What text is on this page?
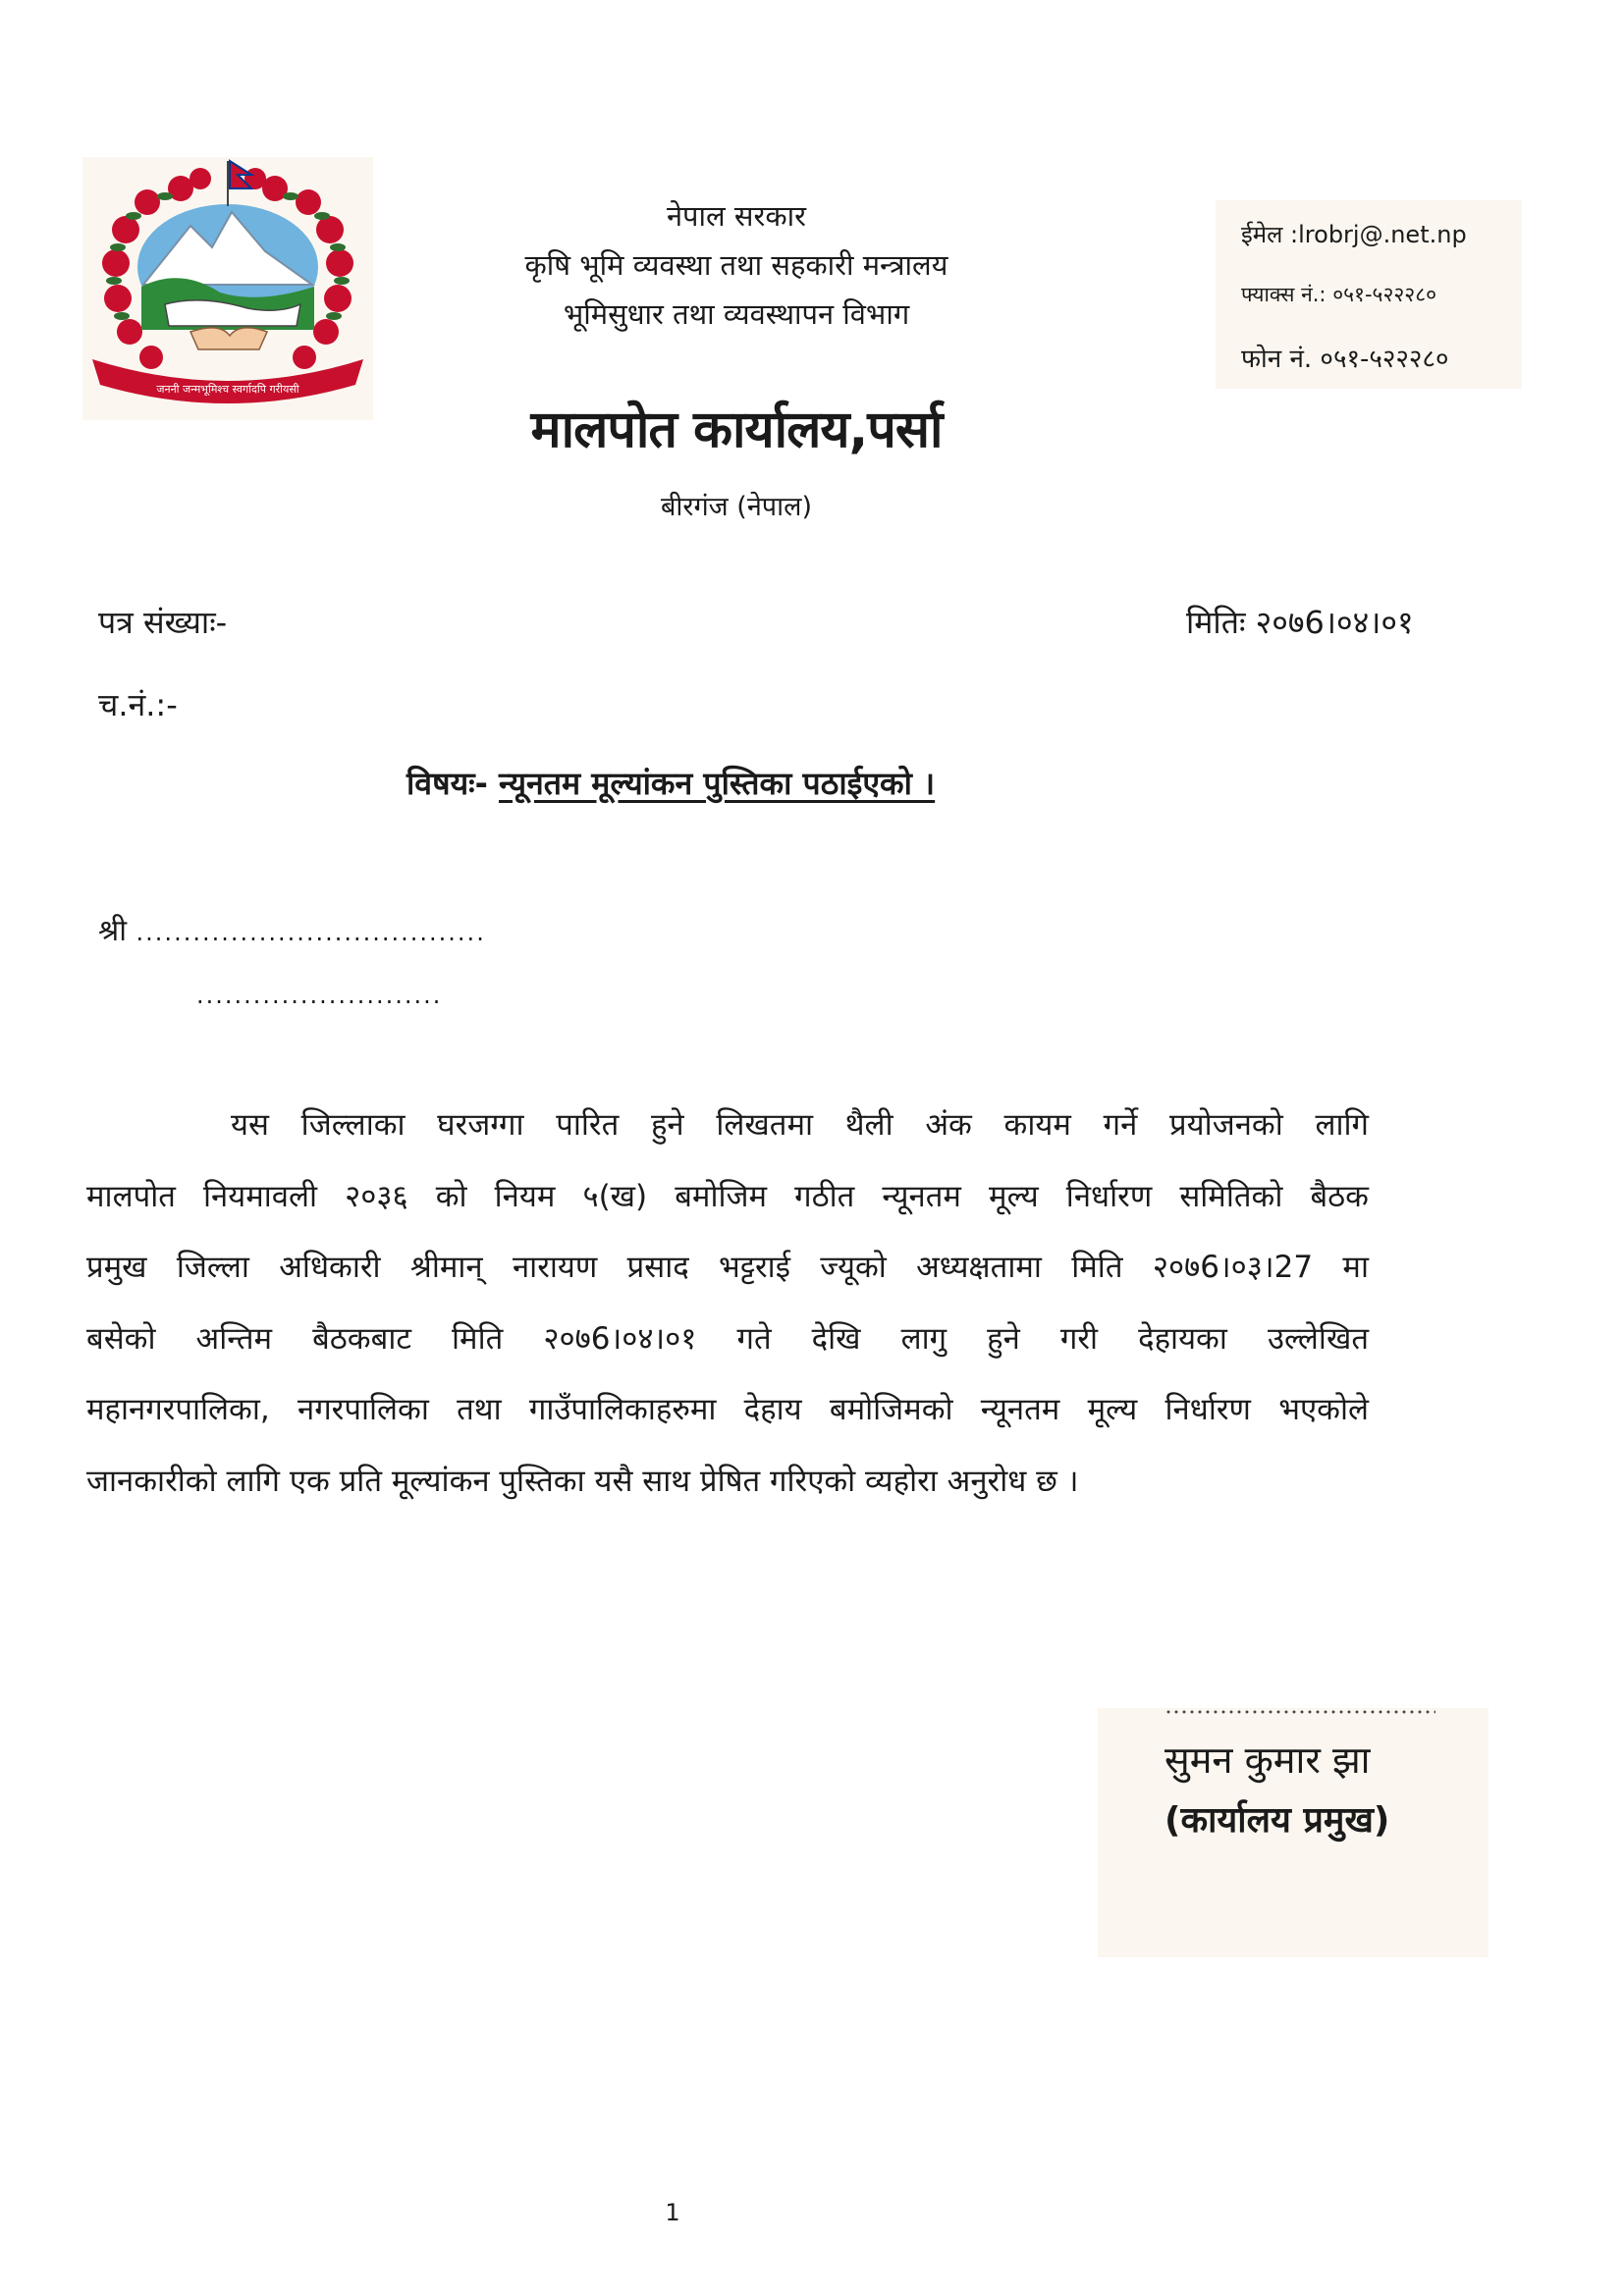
जननी जन्मभूमिश्च स्वर्गादपि गरीयसी
नेपाल सरकार
कृषि भूमि व्यवस्था तथा सहकारी मन्त्रालय
भूमिसुधार तथा व्यवस्थापन विभाग
मालपोत कार्यालय,पर्सा
बीरगंज (नेपाल)
ईमेल :lrobrj@.net.np
फ्याक्स नं.: ०५१-५२२२८०
फोन नं. ०५१-५२२२८०
पत्र संख्याः-	मितिः २०७6।०४।०१
च.नं.:-
विषयः- न्यूनतम मूल्यांकन पुस्तिका पठाईएको ।
श्री .....................................
..........................
यस जिल्लाका घरजग्गा पारित हुने लिखतमा थैली अंक कायम गर्ने प्रयोजनको लागि
मालपोत नियमावली २०३६ को नियम ५(ख) बमोजिम गठीत न्यूनतम मूल्य निर्धारण समितिको बैठक
प्रमुख जिल्ला अधिकारी श्रीमान् नारायण प्रसाद भट्टराई ज्यूको अध्यक्षतामा मिति २०७6।०३।27 मा
बसेको अन्तिम बैठकबाट मिति २०७6।०४।०१ गते देखि लागु हुने गरी देहायका उल्लेखित
महानगरपालिका, नगरपालिका तथा गाउँपालिकाहरुमा देहाय बमोजिमको न्यूनतम मूल्य निर्धारण भएकोले
जानकारीको लागि एक प्रति मूल्यांकन पुस्तिका यसै साथ प्रेषित गरिएको व्यहोरा अनुरोध छ ।
सुमन कुमार झा
(कार्यालय प्रमुख)
1
